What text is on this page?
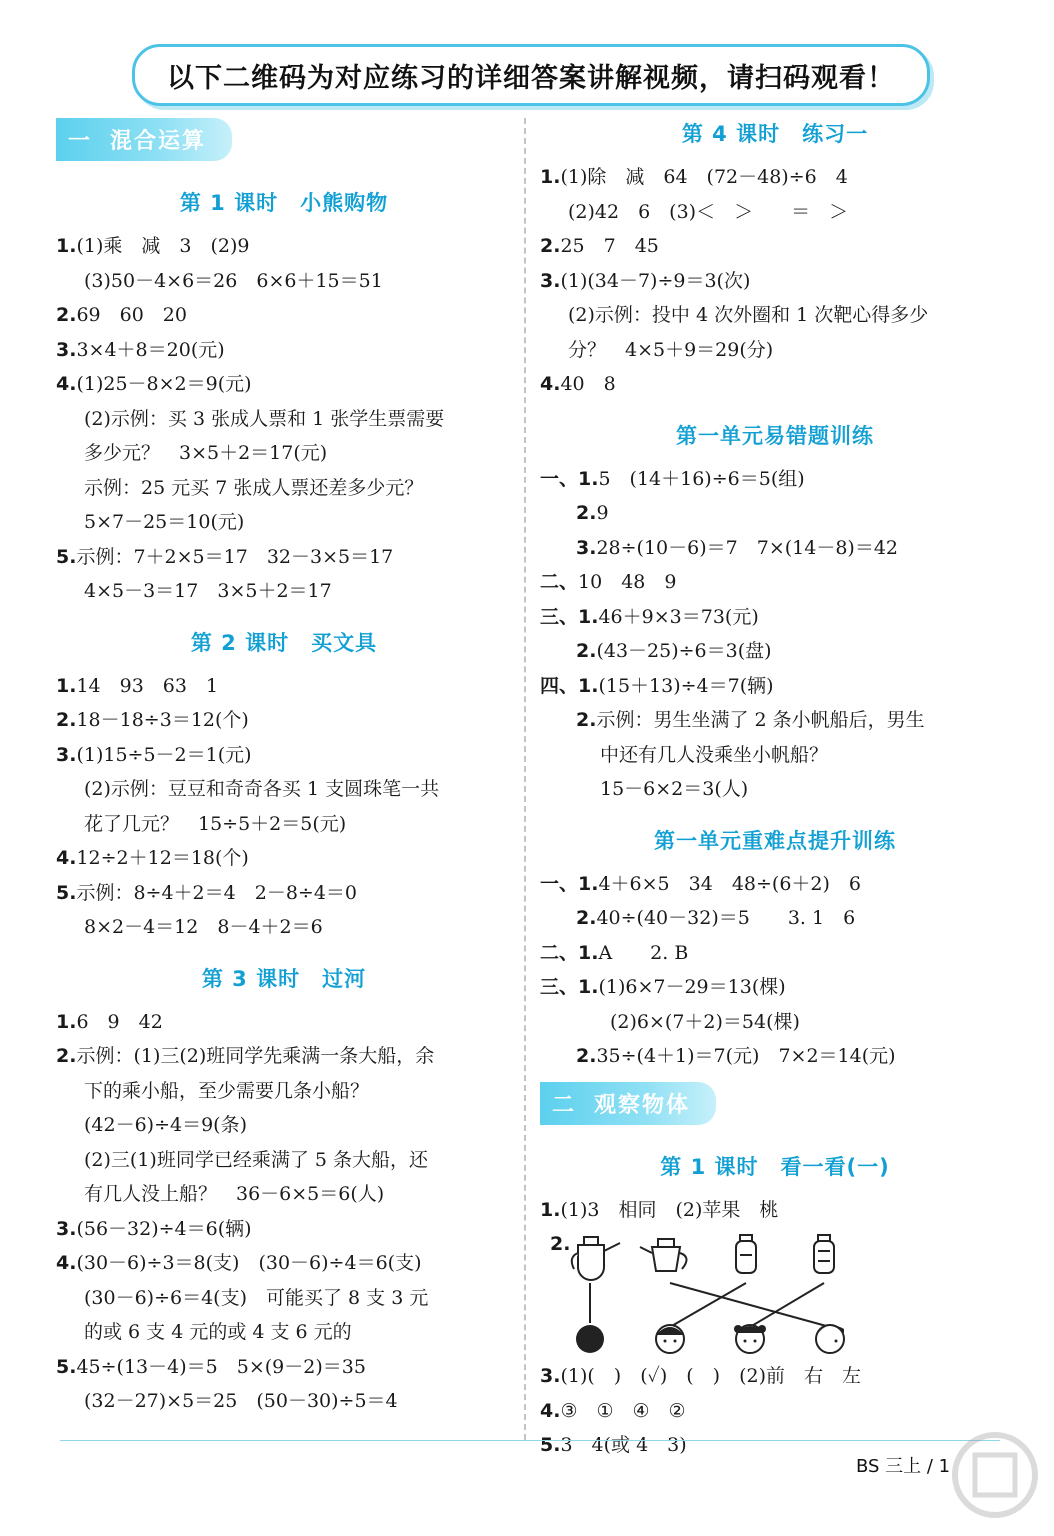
以下二维码为对应练习的详细答案讲解视频，请扫码观看！
一 混合运算
第 1 课时　小熊购物
1.(1)乘　减　3　(2)9
(3)50－4×6＝26　6×6＋15＝51
2.69　60　20
3.3×4＋8＝20(元)
4.(1)25－8×2＝9(元)
(2)示例：买 3 张成人票和 1 张学生票需要
多少元？　3×5＋2＝17(元)
示例：25 元买 7 张成人票还差多少元？
5×7－25＝10(元)
5.示例：7＋2×5＝17　32－3×5＝17
4×5－3＝17　3×5＋2＝17
第 2 课时　买文具
1.14　93　63　1
2.18－18÷3＝12(个)
3.(1)15÷5－2＝1(元)
(2)示例：豆豆和奇奇各买 1 支圆珠笔一共
花了几元？　15÷5＋2＝5(元)
4.12÷2＋12＝18(个)
5.示例：8÷4＋2＝4　2－8÷4＝0
8×2－4＝12　8－4＋2＝6
第 3 课时　过河
1.6　9　42
2.示例：(1)三(2)班同学先乘满一条大船，余
下的乘小船，至少需要几条小船？
(42－6)÷4＝9(条)
(2)三(1)班同学已经乘满了 5 条大船，还
有几人没上船？　36－6×5＝6(人)
3.(56－32)÷4＝6(辆)
4.(30－6)÷3＝8(支)　(30－6)÷4＝6(支)
(30－6)÷6＝4(支)　可能买了 8 支 3 元
的或 6 支 4 元的或 4 支 6 元的
5.45÷(13－4)＝5　5×(9－2)＝35
(32－27)×5＝25　(50－30)÷5＝4
第 4 课时　练习一
1.(1)除　减　64　(72－48)÷6　4
(2)42　6　(3)＜　＞　　＝　＞
2.25　7　45
3.(1)(34－7)÷9＝3(次)
(2)示例：投中 4 次外圈和 1 次靶心得多少
分？　4×5＋9＝29(分)
4.40　8
第一单元易错题训练
一、1.5　(14＋16)÷6＝5(组)
2.9
3.28÷(10－6)＝7　7×(14－8)＝42
二、10　48　9
三、1.46＋9×3＝73(元)
2.(43－25)÷6＝3(盘)
四、1.(15＋13)÷4＝7(辆)
2.示例：男生坐满了 2 条小帆船后，男生
中还有几人没乘坐小帆船？
15－6×2＝3(人)
第一单元重难点提升训练
一、1.4＋6×5　34　48÷(6＋2)　6
2.40÷(40－32)＝5　　3. 1　6
二、1.A　　2. B
三、1.(1)6×7－29＝13(棵)
(2)6×(7＋2)＝54(棵)
2.35÷(4＋1)＝7(元)　7×2＝14(元)
二 观察物体
第 1 课时　看一看(一)
1.(1)3　相同　(2)苹果　桃
2.
3.(1)(　)　(✓)　(　)　(2)前　右　左
4.③　①　④　②
5.3　4(或 4　3)
BS 三上 / 1
